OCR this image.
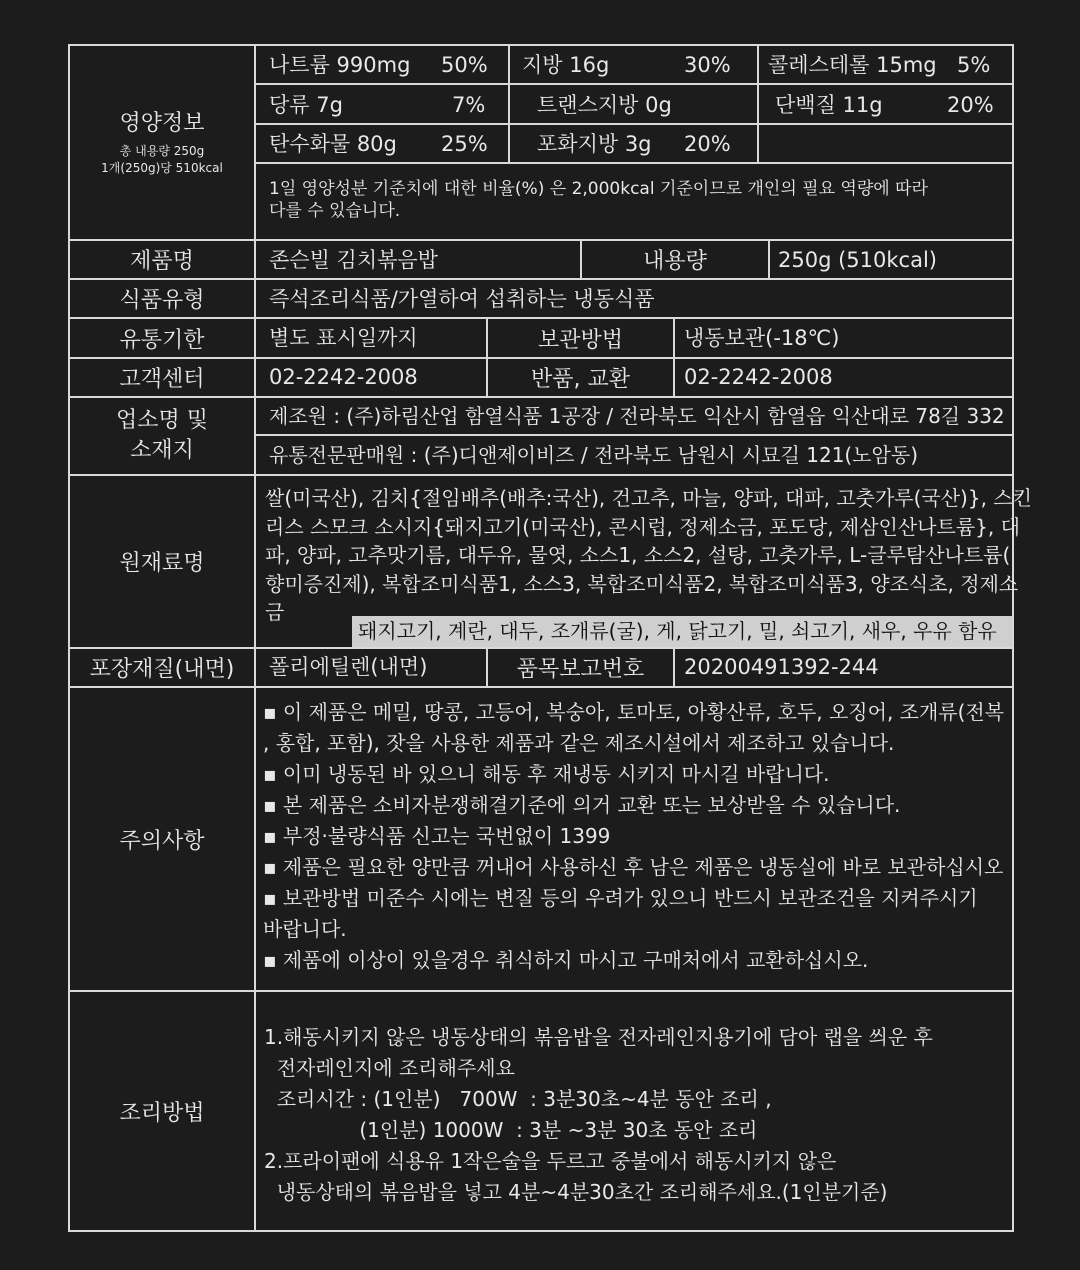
영양정보
총 내용량 250g
1개(250g)당 510kcal
나트륨 990mg 50% 지방 16g	30% 콜레스테롤 15mg 5%
당류 7g	7% 트랜스지방 0g	단백질 11g	20%
탄수화물 80g 25% 포화지방 3g 20%
1일 영양성분 기준치에 대한 비율(%) 은 2,000kcal 기준이므로 개인의 필요 역량에 따라
다를 수 있습니다.
제품명	존슨빌 김치볶음밥	내용량	250g (510kcal)
식품유형	즉석조리식품/가열하여 섭취하는 냉동식품
유통기한	별도 표시일까지	보관방법	냉동보관(-18℃)
고객센터	02-2242-2008	반품, 교환	02-2242-2008
업소명 및
소재지
제조원 : (주)하림산업 함열식품 1공장 / 전라북도 익산시 함열읍 익산대로 78길 332
유통전문판매원 : (주)디앤제이비즈 / 전라북도 남원시 시묘길 121(노암동)
원재료명
쌀(미국산), 김치{절임배추(배추:국산), 건고추, 마늘, 양파, 대파, 고춧가루(국산)}, 스킨
리스 스모크 소시지{돼지고기(미국산), 콘시럽, 정제소금, 포도당, 제삼인산나트륨}, 대
파, 양파, 고추맛기름, 대두유, 물엿, 소스1, 소스2, 설탕, 고춧가루, L-글루탐산나트륨(
향미증진제), 복합조미식품1, 소스3, 복합조미식품2, 복합조미식품3, 양조식초, 정제소
금
돼지고기, 계란, 대두, 조개류(굴), 게, 닭고기, 밀, 쇠고기, 새우, 우유 함유
포장재질(내면)	폴리에틸렌(내면)	품목보고번호	20200491392-244
주의사항
▪ 이 제품은 메밀, 땅콩, 고등어, 복숭아, 토마토, 아황산류, 호두, 오징어, 조개류(전복
, 홍합, 포함), 잣을 사용한 제품과 같은 제조시설에서 제조하고 있습니다.
▪ 이미 냉동된 바 있으니 해동 후 재냉동 시키지 마시길 바랍니다.
▪ 본 제품은 소비자분쟁해결기준에 의거 교환 또는 보상받을 수 있습니다.
▪ 부정·불량식품 신고는 국번없이 1399
▪ 제품은 필요한 양만큼 꺼내어 사용하신 후 남은 제품은 냉동실에 바로 보관하십시오
▪ 보관방법 미준수 시에는 변질 등의 우려가 있으니 반드시 보관조건을 지켜주시기
바랍니다.
▪ 제품에 이상이 있을경우 취식하지 마시고 구매처에서 교환하십시오.
조리방법
1.해동시키지 않은 냉동상태의 볶음밥을 전자레인지용기에 담아 랩을 씌운 후
전자레인지에 조리해주세요
조리시간 : (1인분)   700W  : 3분30초~4분 동안 조리 ,
(1인분) 1000W  : 3분 ~3분 30초 동안 조리
2.프라이팬에 식용유 1작은술을 두르고 중불에서 해동시키지 않은
냉동상태의 볶음밥을 넣고 4분~4분30초간 조리해주세요.(1인분기준)
